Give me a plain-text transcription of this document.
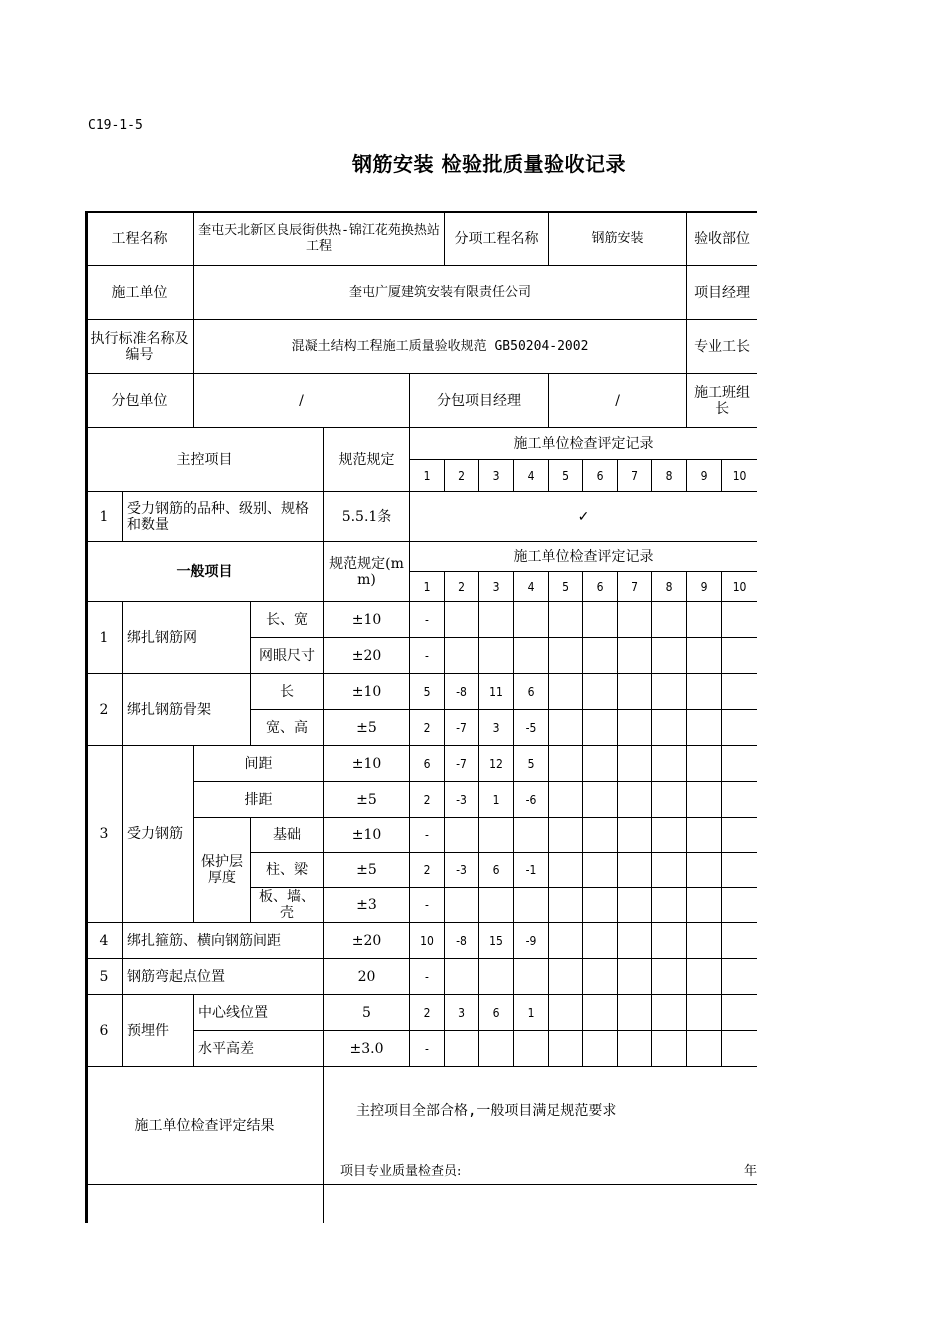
C19-1-5
钢筋安装 检验批质量验收记录
工程名称		奎屯天北新区良辰街供热-锦江花苑换热站工程				分项工程名称			钢筋安装				验收部位	
施工单位		奎屯广厦建筑安装有限责任公司											项目经理	
执行标准名称及编号		混凝土结构工程施工质量验收规范 GB50204-2002											专业工长	
分包单位		/			分包项目经理				/				施工班组长	
主控项目				规范规定	施工单位检查评定记录									
					1	2	3	4	5	6	7	8	9	10
1	受力钢筋的品种、级别、规格和数量			5.5.1条	✓									
一般项目				规范规定(mm)	施工单位检查评定记录									
					1	2	3	4	5	6	7	8	9	10
1	绑扎钢筋网		长、宽	±10	-									
			网眼尺寸	±20	-									
2	绑扎钢筋骨架		长	±10	5	-8	11	6						
			宽、高	±5	2	-7	3	-5						
3	受力钢筋	间距		±10	6	-7	12	5						
		排距		±5	2	-3	1	-6						
		保护层厚度	基础	±10	-									
			柱、梁	±5	2	-3	6	-1						
			板、墙、壳	±3	-									
4	绑扎箍筋、横向钢筋间距			±20	10	-8	15	-9						
5	钢筋弯起点位置			20	-									
6	预埋件	中心线位置		5	2	3	6	1						
		水平高差		±3.0	-									
施工单位检查评定结果														

主控项目全部合格,一般项目满足规范要求
项目专业质量检查员:	年
